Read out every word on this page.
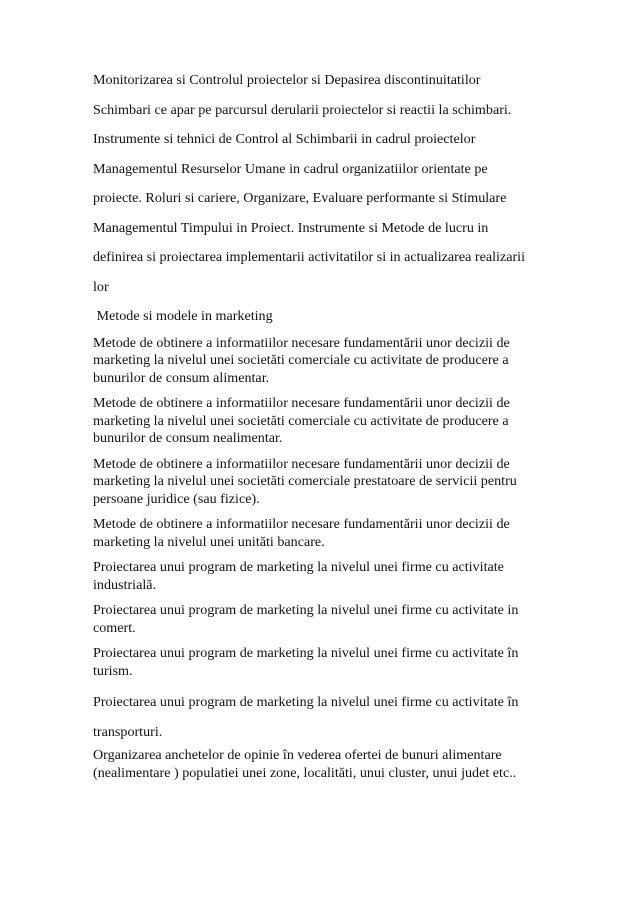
Monitorizarea si Controlul proiectelor si Depasirea discontinuitatilor

Schimbari ce apar pe parcursul derularii proiectelor si reactii la schimbari.

Instrumente si tehnici de Control al Schimbarii in cadrul proiectelor

Managementul Resurselor Umane in cadrul organizatiilor orientate pe

proiecte. Roluri si cariere, Organizare, Evaluare performante si Stimulare

Managementul Timpului in Proiect. Instrumente si Metode de lucru in

definirea si proiectarea implementarii activitatilor si in actualizarea realizarii

lor

Metode si modele in marketing

Metode de obtinere a informatiilor necesare fundamentării unor decizii de
marketing la nivelul unei societăti comerciale cu activitate de producere a
bunurilor de consum alimentar.
Metode de obtinere a informatiilor necesare fundamentării unor decizii de
marketing la nivelul unei societăti comerciale cu activitate de producere a
bunurilor de consum nealimentar.
Metode de obtinere a informatiilor necesare fundamentării unor decizii de
marketing la nivelul unei societăti comerciale prestatoare de servicii pentru
persoane juridice (sau fizice).
Metode de obtinere a informatiilor necesare fundamentării unor decizii de
marketing la nivelul unei unităti bancare.
Proiectarea unui program de marketing la nivelul unei firme cu activitate
industrială.
Proiectarea unui program de marketing la nivelul unei firme cu activitate in
comert.
Proiectarea unui program de marketing la nivelul unei firme cu activitate în
turism.

Proiectarea unui program de marketing la nivelul unei firme cu activitate în

transporturi.

Organizarea anchetelor de opinie în vederea ofertei de bunuri alimentare
(nealimentare ) populatiei unei zone, localităti, unui cluster, unui judet etc..
